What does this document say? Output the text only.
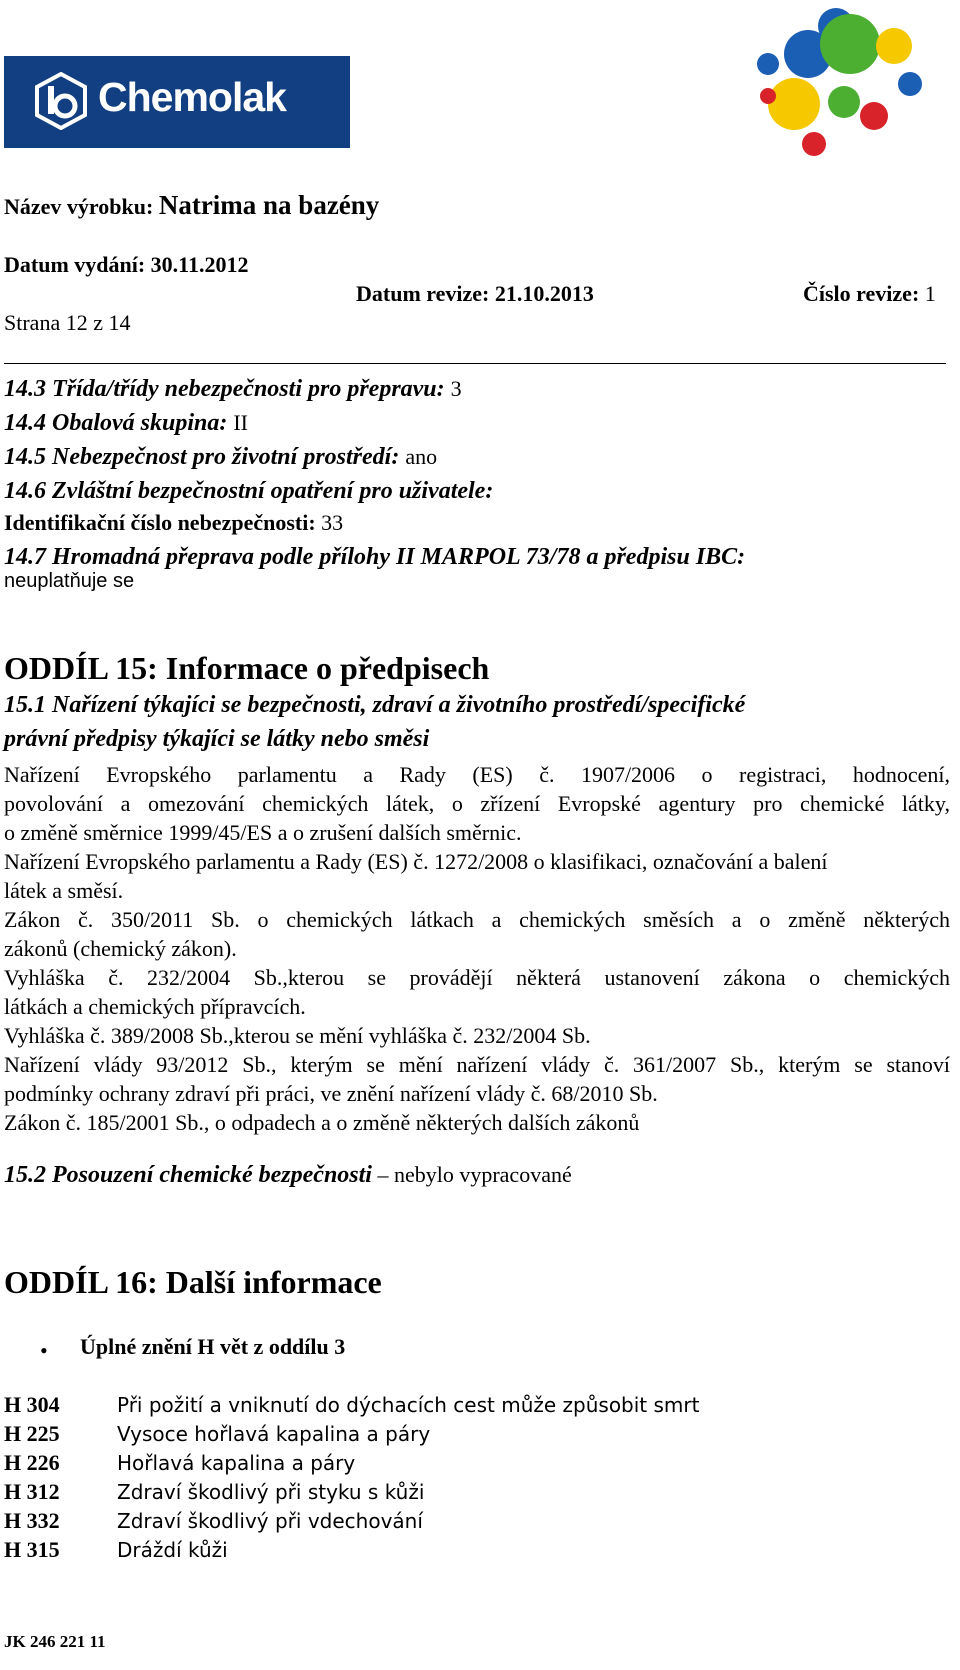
Chemolak
Název výrobku: Natrima na bazény
Datum vydání: 30.11.2012
Datum revize: 21.10.2013	Číslo revize: 1
Strana 12 z 14
14.3 Třída/třídy nebezpečnosti pro přepravu: 3
14.4 Obalová skupina: II
14.5 Nebezpečnost pro životní prostředí: ano
14.6 Zvláštní bezpečnostní opatření pro uživatele:
Identifikační číslo nebezpečnosti: 33
14.7 Hromadná přeprava podle přílohy II MARPOL 73/78 a předpisu IBC:
neuplatňuje se
ODDÍL 15: Informace o předpisech
15.1 Nařízení týkajíci se bezpečnosti, zdraví a životního prostředí/specifické
právní předpisy týkajíci se látky nebo směsi
Nařízení Evropského parlamentu a Rady (ES) č. 1907/2006 o registraci, hodnocení,
povolování a omezování chemických látek, o zřízení Evropské agentury pro chemické látky,
o změně směrnice 1999/45/ES a o zrušení dalších směrnic.
Nařízení Evropského parlamentu a Rady (ES) č. 1272/2008 o klasifikaci, označování a balení
látek a směsí.
Zákon č. 350/2011 Sb. o chemických látkach a chemických směsích a o změně některých
zákonů (chemický zákon).
Vyhláška č. 232/2004 Sb.,kterou se provádějí některá ustanovení zákona o chemických
látkách a chemických přípravcích.
Vyhláška č. 389/2008 Sb.,kterou se mění vyhláška č. 232/2004 Sb.
Nařízení vlády 93/2012 Sb., kterým se mění nařízení vlády č. 361/2007 Sb., kterým se stanoví
podmínky ochrany zdraví při práci, ve znění nařízení vlády č. 68/2010 Sb.
Zákon č. 185/2001 Sb., o odpadech a o změně některých dalších zákonů
15.2 Posouzení chemické bezpečnosti – nebylo vypracované
ODDÍL 16: Další informace
• Úplné znění H vět z oddílu 3
H 304	Při požití a vniknutí do dýchacích cest může způsobit smrt
H 225	Vysoce hořlavá kapalina a páry
H 226	Hořlavá kapalina a páry
H 312	Zdraví škodlivý při styku s kůži
H 332	Zdraví škodlivý při vdechování
H 315	Dráždí kůži
JK 246 221 11
